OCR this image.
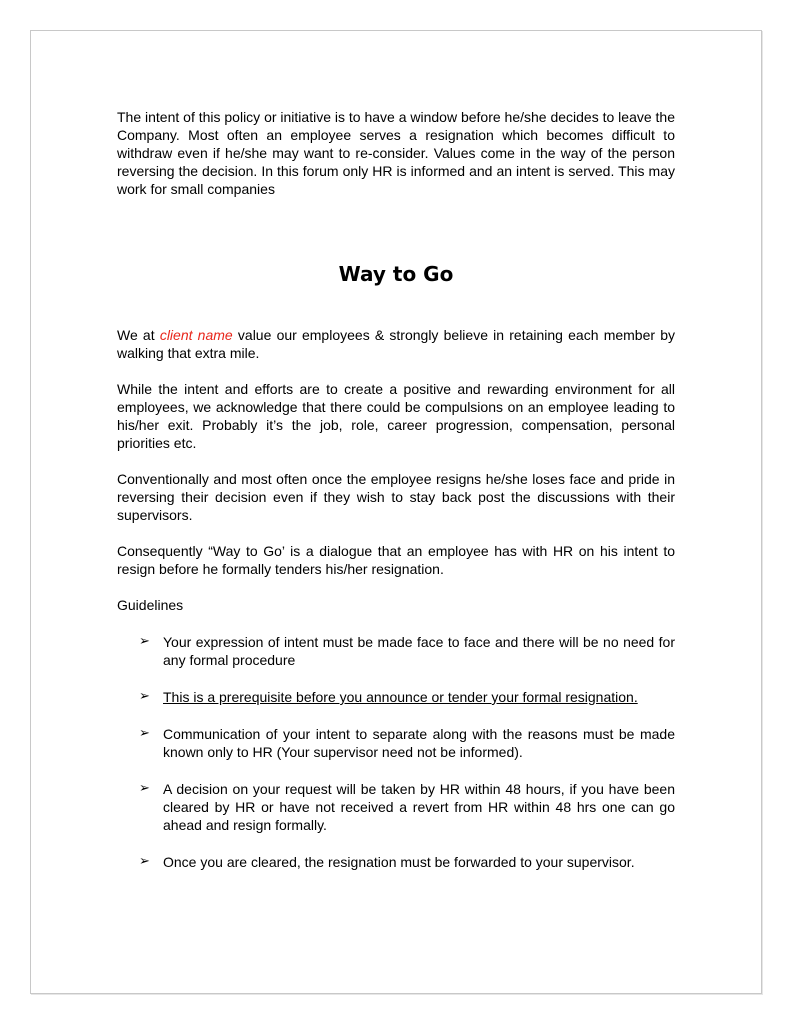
The intent of this policy or initiative is to have a window before he/she decides to leave the Company. Most often an employee serves a resignation which becomes difficult to withdraw even if he/she may want to re-consider. Values come in the way of the person reversing the decision. In this forum only HR is informed and an intent is served. This may work for small companies

Way to Go

We at client name value our employees & strongly believe in retaining each member by walking that extra mile.

While the intent and efforts are to create a positive and rewarding environment for all employees, we acknowledge that there could be compulsions on an employee leading to his/her exit. Probably it’s the job, role, career progression, compensation, personal priorities etc.

Conventionally and most often once the employee resigns he/she loses face and pride in reversing their decision even if they wish to stay back post the discussions with their supervisors.

Consequently “Way to Go’ is a dialogue that an employee has with HR on his intent to resign before he formally tenders his/her resignation.

Guidelines

➢ Your expression of intent must be made face to face and there will be no need for any formal procedure
➢ This is a prerequisite before you announce or tender your formal resignation.
➢ Communication of your intent to separate along with the reasons must be made known only to HR (Your supervisor need not be informed).
➢ A decision on your request will be taken by HR within 48 hours, if you have been cleared by HR or have not received a revert from HR within 48 hrs one can go ahead and resign formally.
➢ Once you are cleared, the resignation must be forwarded to your supervisor.
